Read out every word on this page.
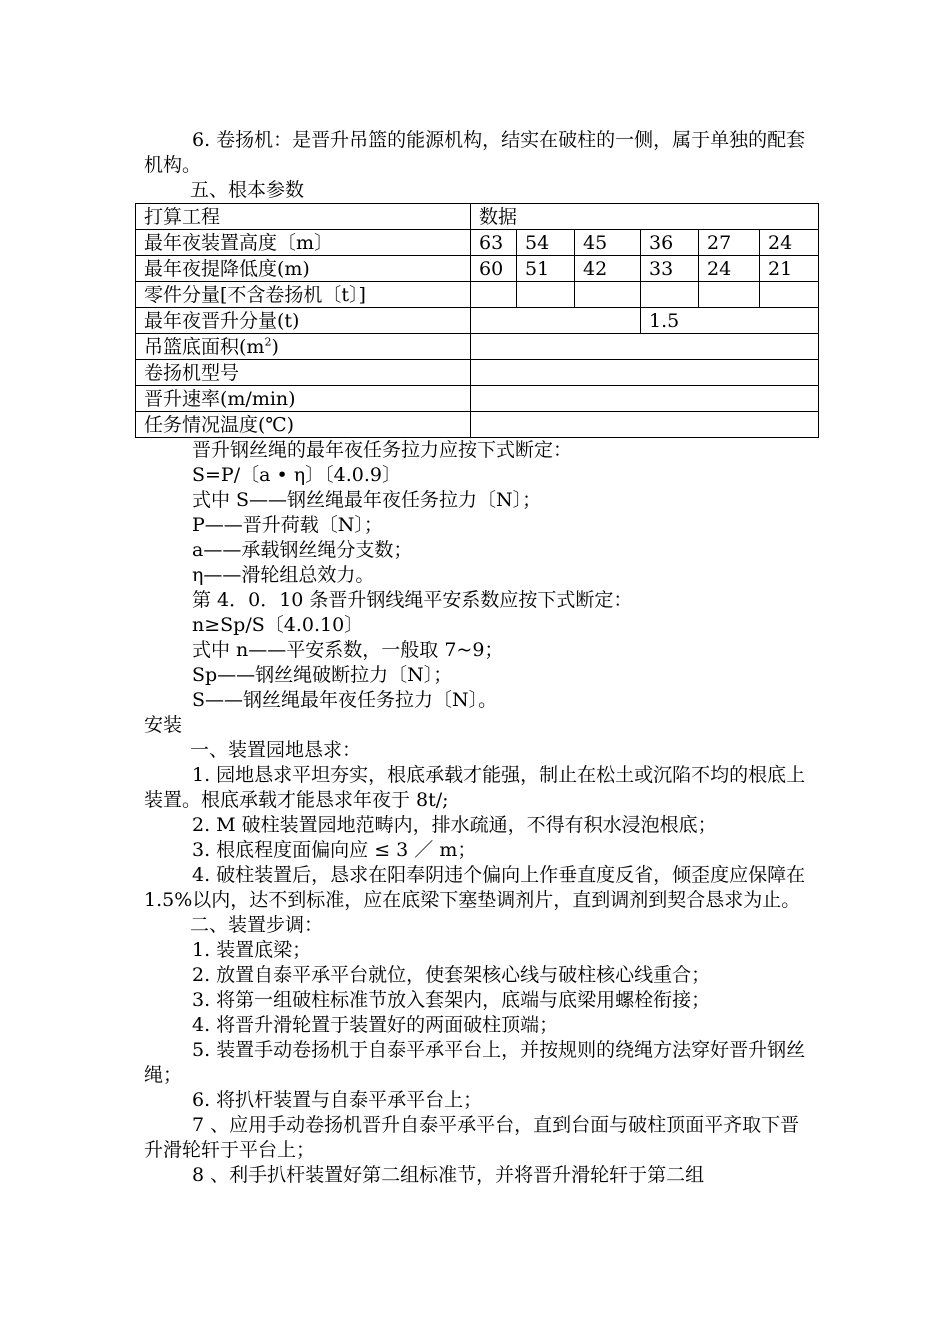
6. 卷扬机：是晋升吊篮的能源机构，结实在破柱的一侧，属于单独的配套机构。

五、根本参数

打算工程	数据					
最年夜装置高度〔m〕	63	54	45	36	27	24
最年夜提降低度(m)	60	51	42	33	24	21
零件分量[不含卷扬机〔t〕]						
最年夜晋升分量(t)				1.5		
吊篮底面积$(m^2)$						
卷扬机型号						
晋升速率(m/min)						
任务情况温度(℃)						

晋升钢丝绳的最年夜任务拉力应按下式断定：

S=P/〔a • η〕〔4.0.9〕

式中 S——钢丝绳最年夜任务拉力〔N〕；

P——晋升荷载〔N〕；

a——承载钢丝绳分支数；

η——滑轮组总效力。

第 4．0．10 条晋升钢线绳平安系数应按下式断定：

n≥Sp/S〔4.0.10〕

式中 n——平安系数，一般取 7~9；

Sp——钢丝绳破断拉力〔N〕；

S——钢丝绳最年夜任务拉力〔N〕。

安装

一、装置园地恳求：

1. 园地恳求平坦夯实，根底承载才能强，制止在松土或沉陷不均的根底上装置。根底承载才能恳求年夜于 8t/;

2. M 破柱装置园地范畴内，排水疏通，不得有积水浸泡根底；

3. 根底程度面偏向应 ≤ 3 ／ m；

4. 破柱装置后，恳求在阳奉阴违个偏向上作垂直度反省，倾歪度应保障在 1.5%以内，达不到标准，应在底梁下塞垫调剂片，直到调剂到契合恳求为止。

二、装置步调：

1. 装置底梁；

2. 放置自泰平承平台就位，使套架核心线与破柱核心线重合；

3. 将第一组破柱标准节放入套架内，底端与底梁用螺栓衔接；

4. 将晋升滑轮置于装置好的两面破柱顶端；

5. 装置手动卷扬机于自泰平承平台上，并按规则的绕绳方法穿好晋升钢丝绳；

6. 将扒杆装置与自泰平承平台上；

7 、应用手动卷扬机晋升自泰平承平台，直到台面与破柱顶面平齐取下晋升滑轮轩于平台上；

8 、利手扒杆装置好第二组标准节，并将晋升滑轮轩于第二组
